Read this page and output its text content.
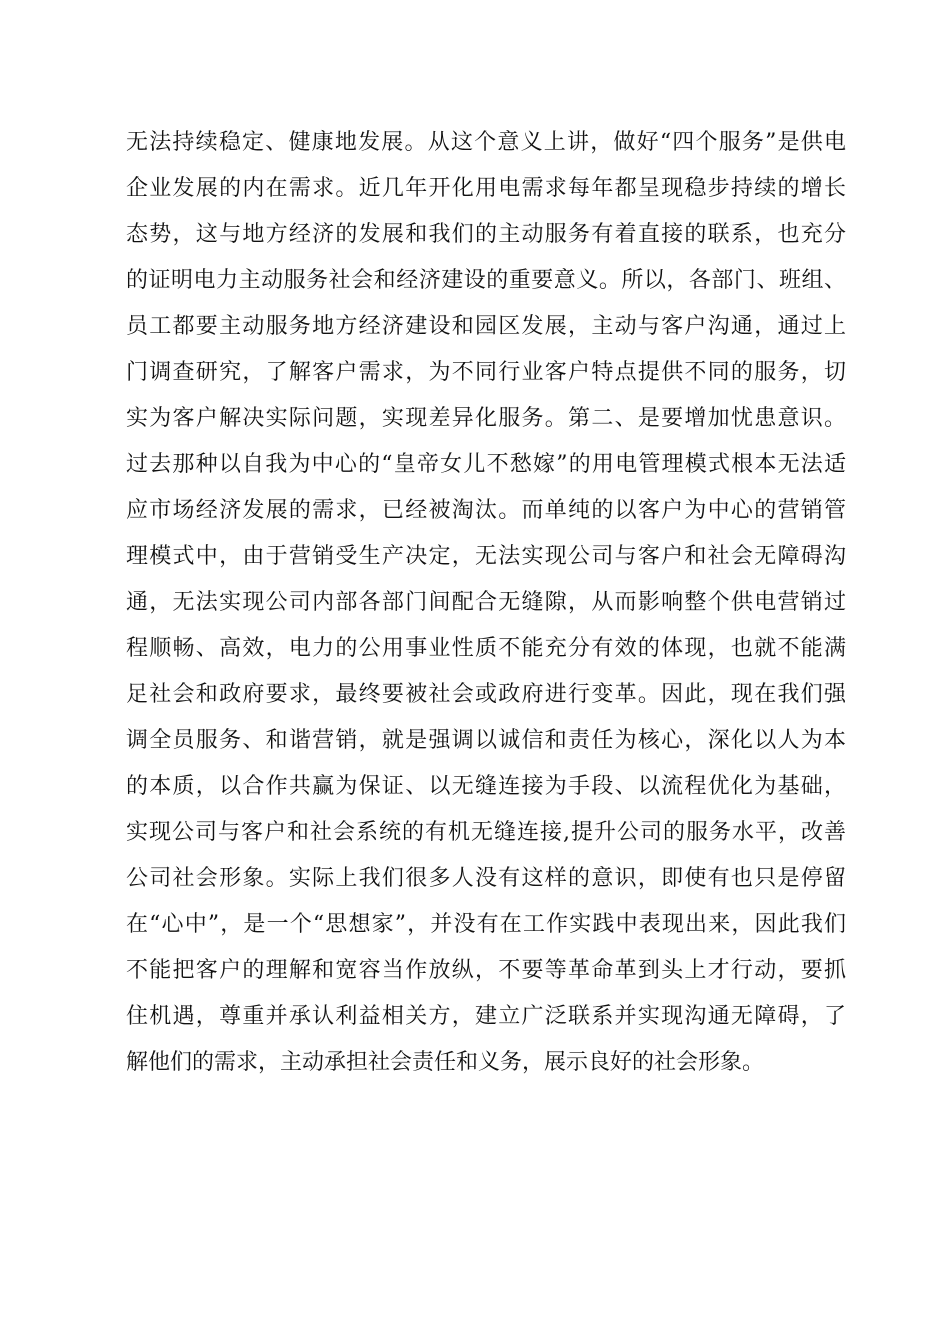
无法持续稳定、健康地发展。从这个意义上讲，做好“四个服务”是供电
企业发展的内在需求。近几年开化用电需求每年都呈现稳步持续的增长
态势，这与地方经济的发展和我们的主动服务有着直接的联系，也充分
的证明电力主动服务社会和经济建设的重要意义。所以，各部门、班组、
员工都要主动服务地方经济建设和园区发展，主动与客户沟通，通过上
门调查研究，了解客户需求，为不同行业客户特点提供不同的服务，切
实为客户解决实际问题，实现差异化服务。第二、是要增加忧患意识。
过去那种以自我为中心的“皇帝女儿不愁嫁”的用电管理模式根本无法适
应市场经济发展的需求，已经被淘汰。而单纯的以客户为中心的营销管
理模式中，由于营销受生产决定，无法实现公司与客户和社会无障碍沟
通，无法实现公司内部各部门间配合无缝隙，从而影响整个供电营销过
程顺畅、高效，电力的公用事业性质不能充分有效的体现，也就不能满
足社会和政府要求，最终要被社会或政府进行变革。因此，现在我们强
调全员服务、和谐营销，就是强调以诚信和责任为核心，深化以人为本
的本质，以合作共赢为保证、以无缝连接为手段、以流程优化为基础，
实现公司与客户和社会系统的有机无缝连接,提升公司的服务水平，改善
公司社会形象。实际上我们很多人没有这样的意识，即使有也只是停留
在“心中”，是一个“思想家”，并没有在工作实践中表现出来，因此我们
不能把客户的理解和宽容当作放纵，不要等革命革到头上才行动，要抓
住机遇，尊重并承认利益相关方，建立广泛联系并实现沟通无障碍，了
解他们的需求，主动承担社会责任和义务，展示良好的社会形象。
